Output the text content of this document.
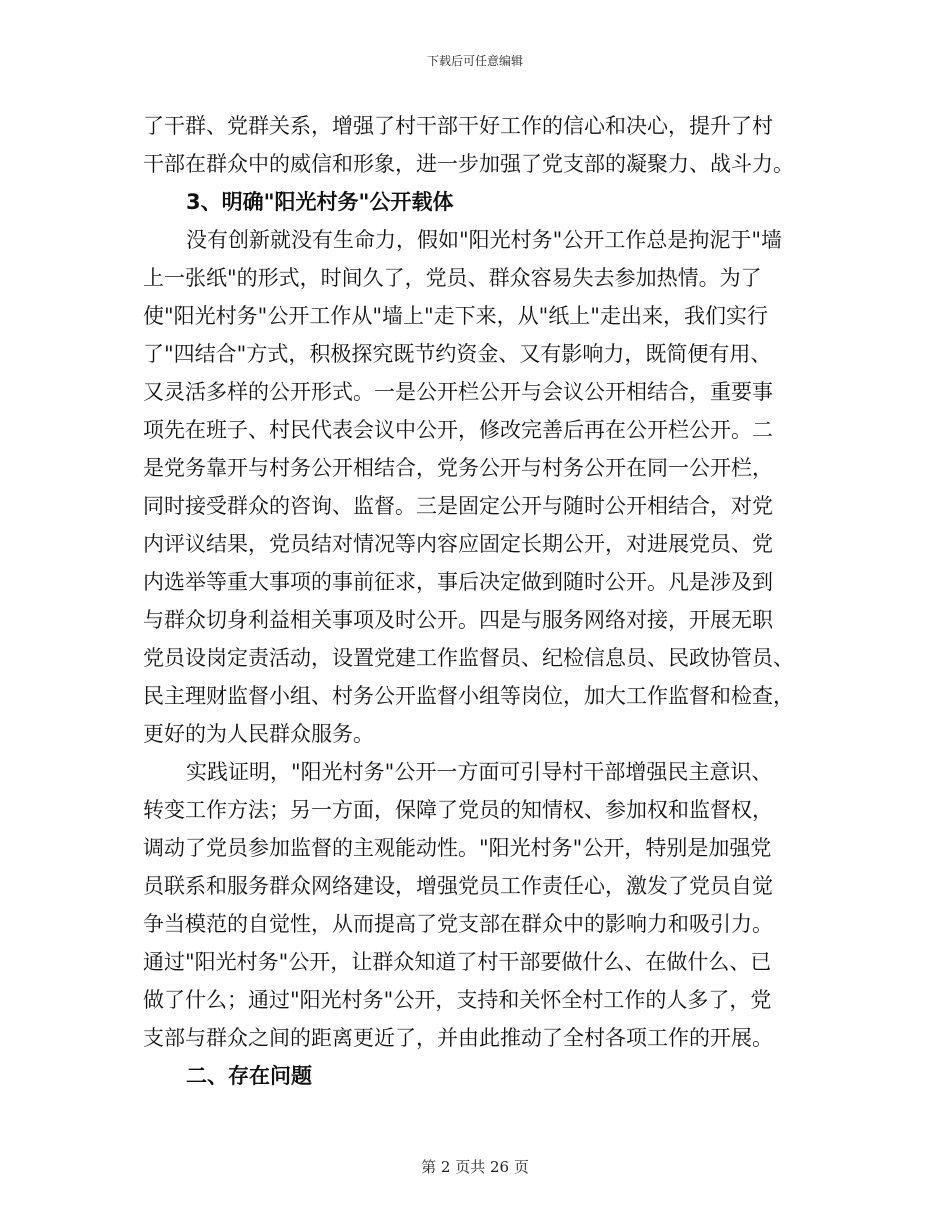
下载后可任意编辑
了干群、党群关系，增强了村干部干好工作的信心和决心，提升了村
干部在群众中的威信和形象，进一步加强了党支部的凝聚力、战斗力。
3、明确"阳光村务"公开载体
没有创新就没有生命力，假如"阳光村务"公开工作总是拘泥于"墙
上一张纸"的形式，时间久了，党员、群众容易失去参加热情。为了
使"阳光村务"公开工作从"墙上"走下来，从"纸上"走出来，我们实行
了"四结合"方式，积极探究既节约资金、又有影响力，既简便有用、
又灵活多样的公开形式。一是公开栏公开与会议公开相结合，重要事
项先在班子、村民代表会议中公开，修改完善后再在公开栏公开。二
是党务靠开与村务公开相结合，党务公开与村务公开在同一公开栏，
同时接受群众的咨询、监督。三是固定公开与随时公开相结合，对党
内评议结果，党员结对情况等内容应固定长期公开，对进展党员、党
内选举等重大事项的事前征求，事后决定做到随时公开。凡是涉及到
与群众切身利益相关事项及时公开。四是与服务网络对接，开展无职
党员设岗定责活动，设置党建工作监督员、纪检信息员、民政协管员、
民主理财监督小组、村务公开监督小组等岗位，加大工作监督和检查，
更好的为人民群众服务。
实践证明，"阳光村务"公开一方面可引导村干部增强民主意识、
转变工作方法；另一方面，保障了党员的知情权、参加权和监督权，
调动了党员参加监督的主观能动性。"阳光村务"公开，特别是加强党
员联系和服务群众网络建设，增强党员工作责任心，激发了党员自觉
争当模范的自觉性，从而提高了党支部在群众中的影响力和吸引力。
通过"阳光村务"公开，让群众知道了村干部要做什么、在做什么、已
做了什么；通过"阳光村务"公开，支持和关怀全村工作的人多了，党
支部与群众之间的距离更近了，并由此推动了全村各项工作的开展。
二、存在问题
第 2 页共 26 页
